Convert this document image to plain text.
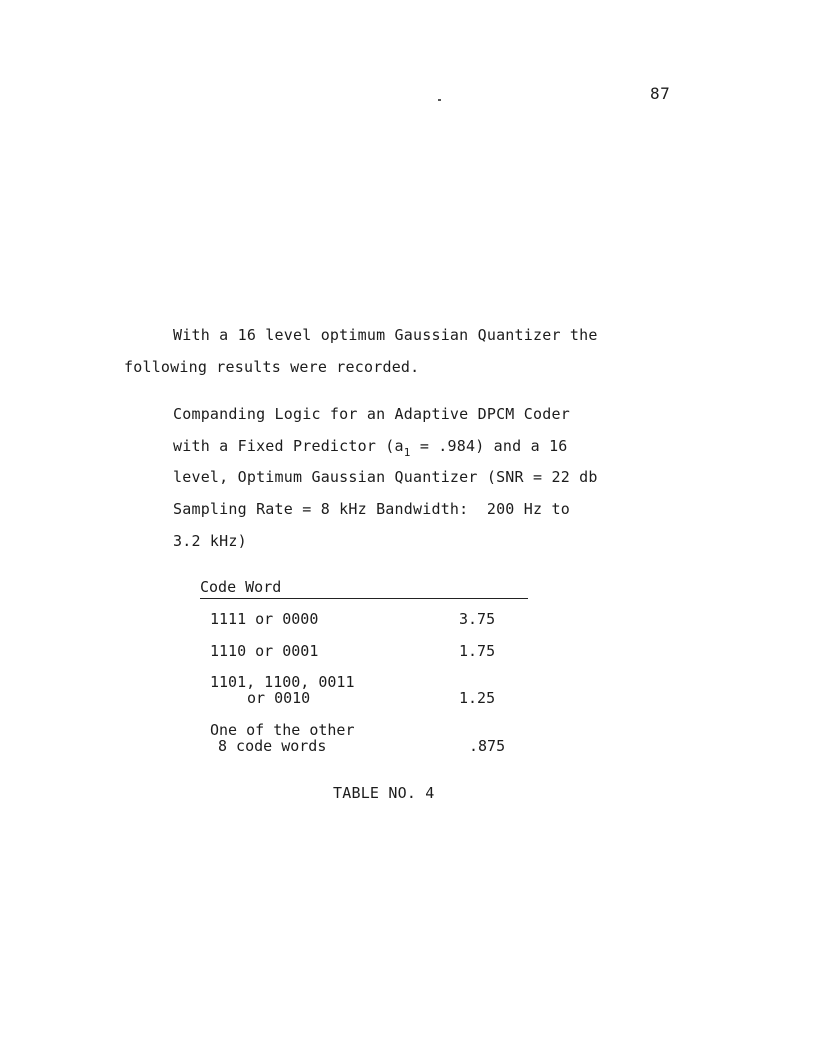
87
With a 16 level optimum Gaussian Quantizer the
following results were recorded.
Companding Logic for an Adaptive DPCM Coder
with a Fixed Predictor $(a_1 = .984)$ and a 16
level, Optimum Gaussian Quantizer (SNR = 22 db
Sampling Rate = 8 kHz Bandwidth:  200 Hz to
3.2 kHz)
Code Word
1111 or 0000	3.75
1110 or 0001	1.75
1101, 1100, 0011
or 0010	1.25
One of the other
8 code words	.875
TABLE NO. 4
